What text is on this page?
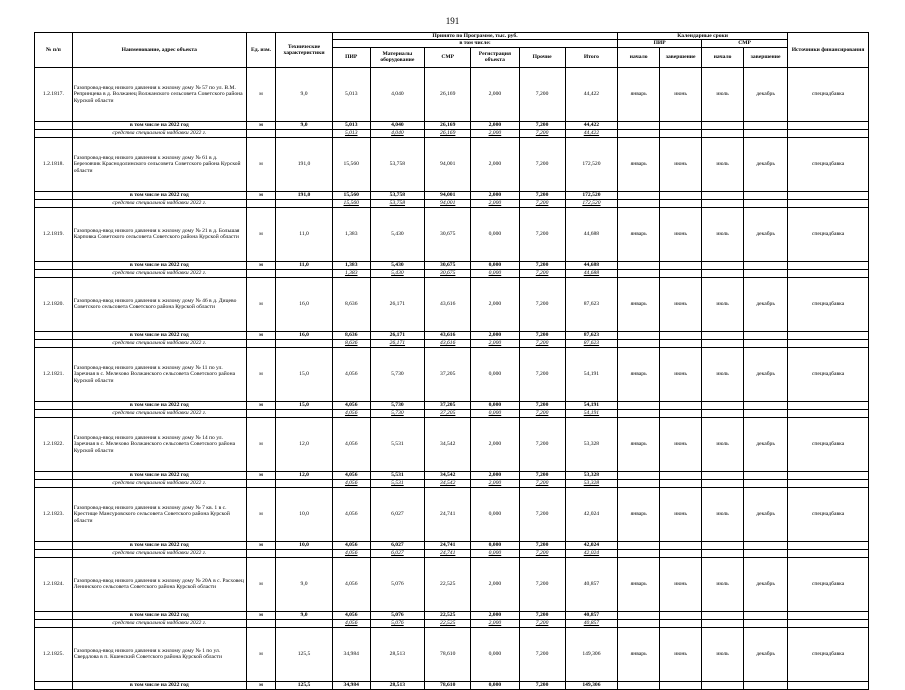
191
№ п/п	Наименование, адрес объекта	Ед. изм.	Технические характеристики	Принято по Программе, тыс. руб.						Календарные сроки				Источники финансирования
				в том числе:						ПИР		СМР		
				ПИР	Материалы оборудование	СМР	Регистрация объекта	Прочие	Итого	начало	завершение	начало	завершение	
1.2.1817.	Газопровод-ввод низкого давления к жилому дому № 57 по ул. В.М. Репринцева в д. Волжанец Волжанского сельсовета Советского района Курской области	м	9,0	5,013	4,040	26,169	2,000	7,200	44,422	январь	июнь	июль	декабрь	спецнадбавка
	в том числе на 2022 год	м	9,0	5,013	4,040	26,169	2,000	7,200	44,422					
	средства специальной надбавки 2022 г.			5,013	4,040	26,169	2,000	7,200	44,422					
1.2.1818.	Газопровод-ввод низкого давления к жилому дому № 61 в д. Березовчик Краснодолинского сельсовета Советского района Курской области	м	191,0	15,560	53,758	94,001	2,000	7,200	172,520	январь	июнь	июль	декабрь	спецнадбавка
	в том числе на 2022 год	м	191,0	15,560	53,758	94,001	2,000	7,200	172,520					
	средства специальной надбавки 2022 г.			15,560	53,758	94,001	2,000	7,200	172,520					
1.2.1819.	Газопровод-ввод низкого давления к жилому дому № 21 в д. Большая Карповка Советского сельсовета Советского района Курской области	м	11,0	1,383	5,430	30,675	0,000	7,200	44,688	январь	июнь	июль	декабрь	спецнадбавка
	в том числе на 2022 год	м	11,0	1,383	5,430	30,675	0,000	7,200	44,688					
	средства специальной надбавки 2022 г.			1,383	5,430	30,675	0,000	7,200	44,688					
1.2.1820.	Газопровод-ввод низкого давления к жилому дому № 46 в д. Дицево Советского сельсовета Советского района Курской области	м	16,0	8,636	26,171	43,616	2,000	7,200	87,623	январь	июнь	июль	декабрь	спецнадбавка
	в том числе на 2022 год	м	16,0	8,636	26,171	43,616	2,000	7,200	87,623					
	средства специальной надбавки 2022 г.			8,636	26,171	43,616	2,000	7,200	87,623					
1.2.1821.	Газопровод-ввод низкого давления к жилому дому № 11 по ул. Заречная в с. Мелехово Волжанского сельсовета Советского района Курской области	м	15,0	4,056	5,730	37,205	0,000	7,200	54,191	январь	июнь	июль	декабрь	спецнадбавка
	в том числе на 2022 год	м	15,0	4,056	5,730	37,205	0,000	7,200	54,191					
	средства специальной надбавки 2022 г.			4,056	5,730	37,205	0,000	7,200	54,191					
1.2.1822.	Газопровод-ввод низкого давления к жилому дому № 14 по ул. Заречная в с. Мелехово Волжанского сельсовета Советского района Курской области	м	12,0	4,056	5,531	34,542	2,000	7,200	53,328	январь	июнь	июль	декабрь	спецнадбавка
	в том числе на 2022 год	м	12,0	4,056	5,531	34,542	2,000	7,200	53,328					
	средства специальной надбавки 2022 г.			4,056	5,531	34,542	2,000	7,200	53,328					
1.2.1823.	Газопровод-ввод низкого давления к жилому дому № 7 кв. 1 в с. Крестище Мансуровского сельсовета Советского района Курской области	м	10,0	4,056	6,027	24,741	0,000	7,200	42,024	январь	июнь	июль	декабрь	спецнадбавка
	в том числе на 2022 год	м	10,0	4,056	6,027	24,741	0,000	7,200	42,024					
	средства специальной надбавки 2022 г.			4,056	6,027	24,741	0,000	7,200	42,024					
1.2.1824.	Газопровод-ввод низкого давления к жилому дому № 20А в с. Расховец Ленинского сельсовета Советского района Курской области	м	9,0	4,056	5,076	22,525	2,000	7,200	40,857	январь	июнь	июль	декабрь	спецнадбавка
	в том числе на 2022 год	м	9,0	4,056	5,076	22,525	2,000	7,200	40,857					
	средства специальной надбавки 2022 г.			4,056	5,076	22,525	2,000	7,200	40,857					
1.2.1825.	Газопровод-ввод низкого давления к жилому дому № 1 по ул. Свердлова в п. Кшенский Советского района Курской области	м	125,5	34,984	28,513	78,610	0,000	7,200	149,306	январь	июнь	июль	декабрь	спецнадбавка
	в том числе на 2022 год	м	125,5	34,984	28,513	78,610	0,000	7,200	149,306					
